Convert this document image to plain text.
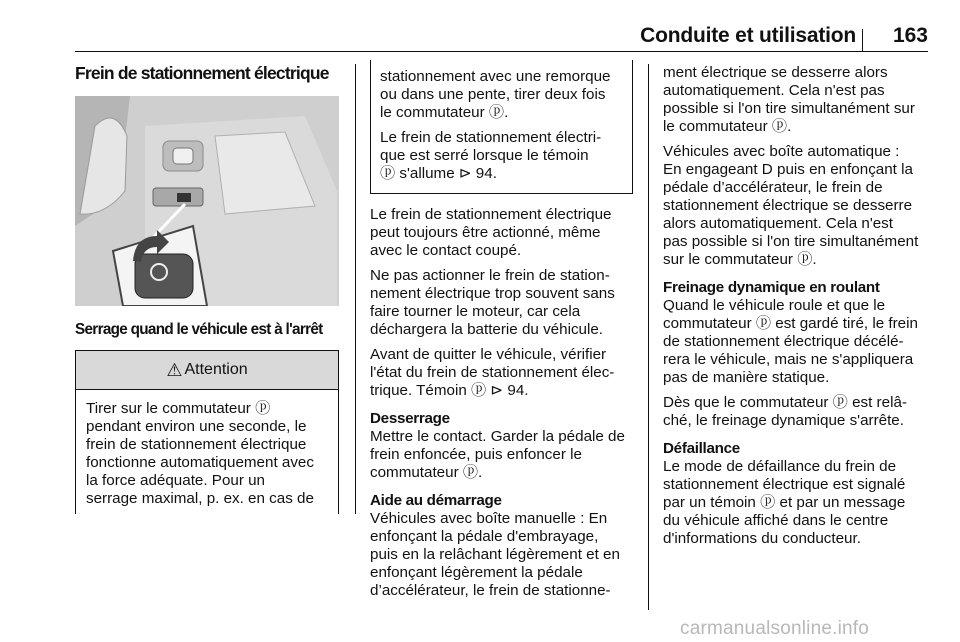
Conduite et utilisation	163

Frein de stationnement électrique

Serrage quand le véhicule est à l'arrêt
⚠ Attention
Tirer sur le commutateur ⓟ
pendant environ une seconde, le
frein de stationnement électrique
fonctionne automatiquement avec
la force adéquate. Pour un
serrage maximal, p. ex. en cas de

stationnement avec une remorque
ou dans une pente, tirer deux fois
le commutateur ⓟ.

Le frein de stationnement électri-
que est serré lorsque le témoin
ⓟ s'allume ⊳ 94.

Le frein de stationnement électrique
peut toujours être actionné, même
avec le contact coupé.

Ne pas actionner le frein de station-
nement électrique trop souvent sans
faire tourner le moteur, car cela
déchargera la batterie du véhicule.

Avant de quitter le véhicule, vérifier
l'état du frein de stationnement élec-
trique. Témoin ⓟ ⊳ 94.

Desserrage

Mettre le contact. Garder la pédale de
frein enfoncée, puis enfoncer le
commutateur ⓟ.

Aide au démarrage

Véhicules avec boîte manuelle : En
enfonçant la pédale d'embrayage,
puis en la relâchant légèrement et en
enfonçant légèrement la pédale
d’accélérateur, le frein de stationne-

ment électrique se desserre alors
automatiquement. Cela n'est pas
possible si l'on tire simultanément sur
le commutateur ⓟ.

Véhicules avec boîte automatique :
En engageant D puis en enfonçant la
pédale d’accélérateur, le frein de
stationnement électrique se desserre
alors automatiquement. Cela n'est
pas possible si l'on tire simultanément
sur le commutateur ⓟ.

Freinage dynamique en roulant

Quand le véhicule roule et que le
commutateur ⓟ est gardé tiré, le frein
de stationnement électrique décélé-
rera le véhicule, mais ne s'appliquera
pas de manière statique.

Dès que le commutateur ⓟ est relâ-
ché, le freinage dynamique s'arrête.

Défaillance

Le mode de défaillance du frein de
stationnement électrique est signalé
par un témoin ⓟ et par un message
du véhicule affiché dans le centre
d'informations du conducteur.

carmanualsonline.info
